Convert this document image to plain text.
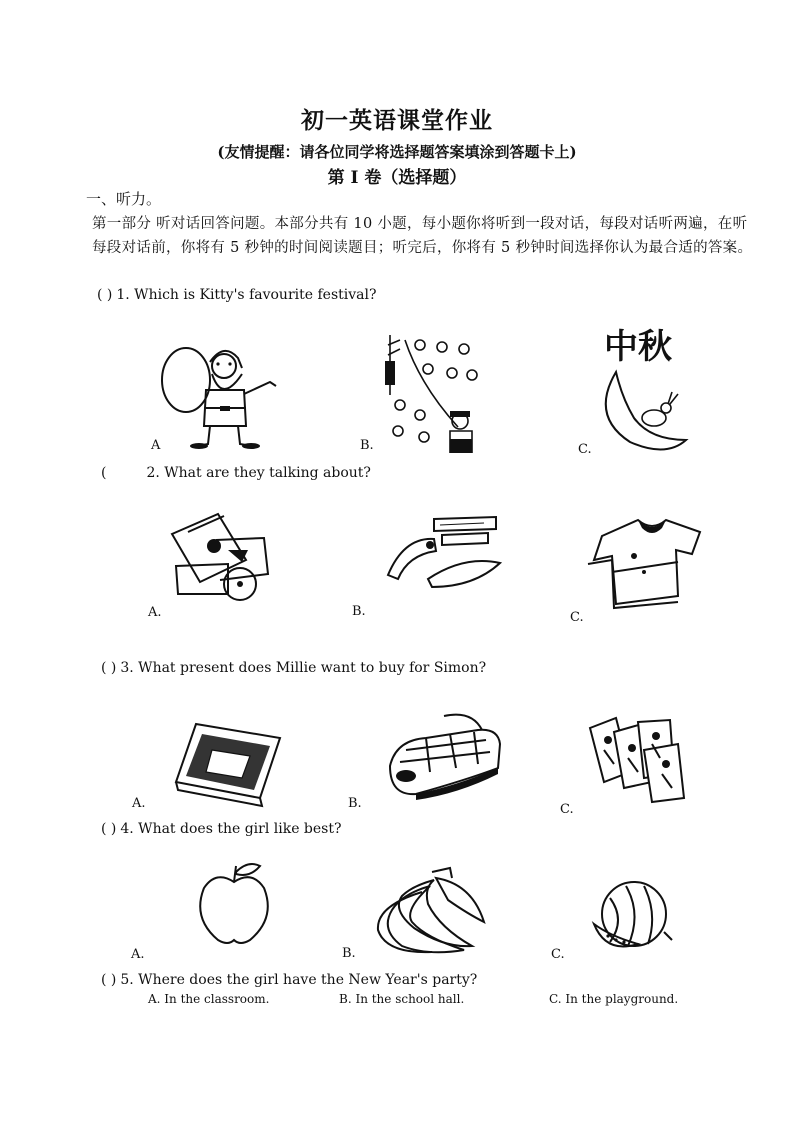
初一英语课堂作业
(友情提醒：请各位同学将选择题答案填涂到答题卡上)
第 I 卷（选择题）
一、听力。
第一部分 听对话回答问题。本部分共有 10 小题，每小题你将听到一段对话，每段对话听两遍，在听每段对话前，你将有 5 秒钟的时间阅读题目；听完后，你将有 5 秒钟时间选择你认为最合适的答案。
( ) 1. Which is Kitty's favourite festival?
中秋
A	B.	C.
(	2. What are they talking about?
A.	B.	C.
( ) 3. What present does Millie want to buy for Simon?
A.	B.	C.
( ) 4. What does the girl like best?
A.	B.	C.
( ) 5. Where does the girl have the New Year's party?
A. In the classroom.	B. In the school hall.	C. In the playground.
